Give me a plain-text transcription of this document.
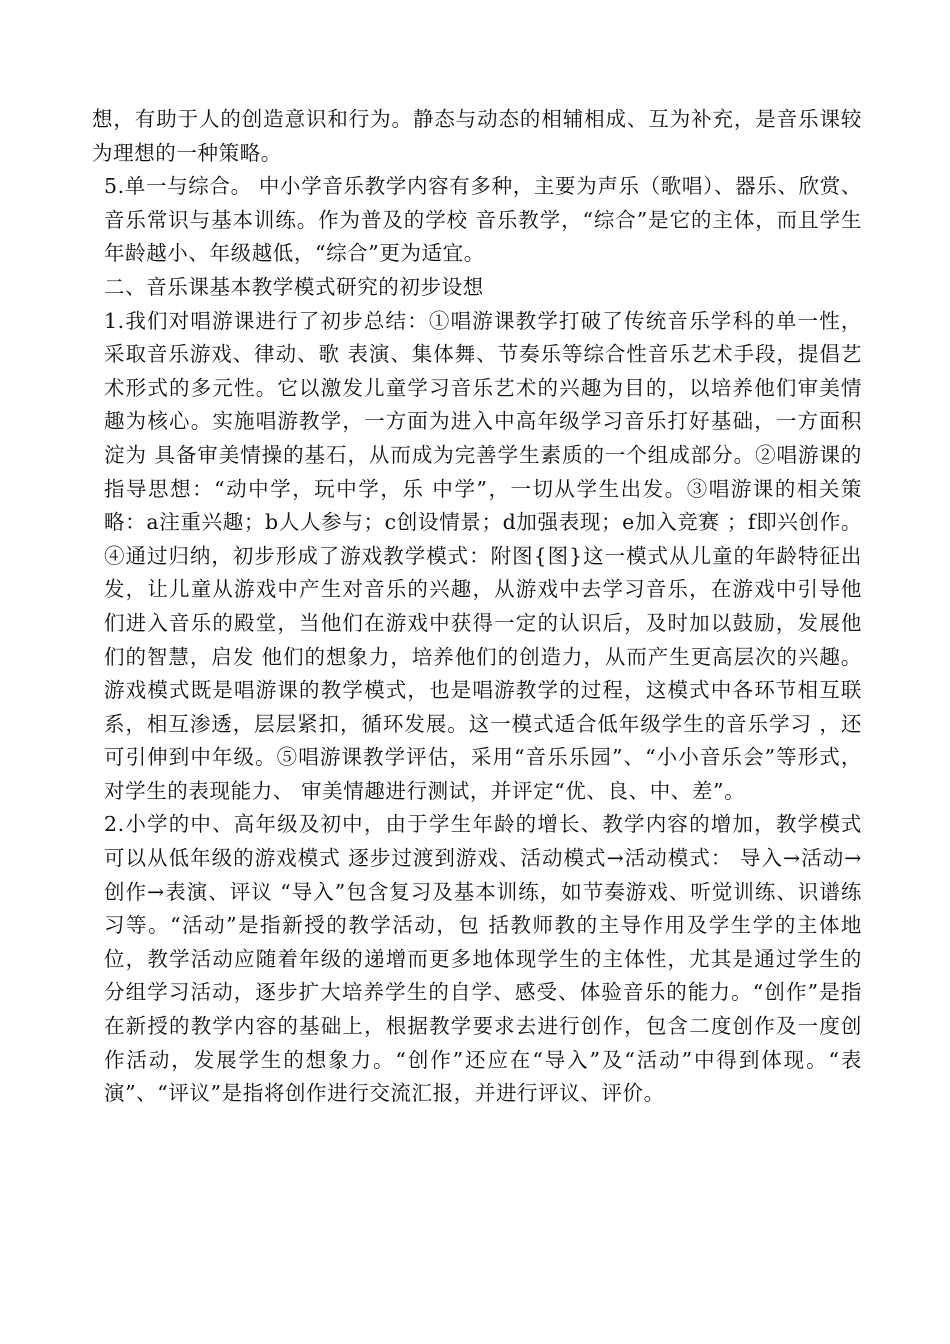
想，有助于人的创造意识和行为。静态与动态的相辅相成、互为补充，是音乐课较为理想的一种策略。

5.单一与综合。 中小学音乐教学内容有多种，主要为声乐（歌唱）、器乐、欣赏、音乐常识与基本训练。作为普及的学校 音乐教学，“综合”是它的主体，而且学生年龄越小、年级越低，“综合”更为适宜。

二、音乐课基本教学模式研究的初步设想

1.我们对唱游课进行了初步总结：①唱游课教学打破了传统音乐学科的单一性，采取音乐游戏、律动、歌 表演、集体舞、节奏乐等综合性音乐艺术手段，提倡艺术形式的多元性。它以激发儿童学习音乐艺术的兴趣为目的，以培养他们审美情趣为核心。实施唱游教学，一方面为进入中高年级学习音乐打好基础，一方面积淀为 具备审美情操的基石，从而成为完善学生素质的一个组成部分。②唱游课的指导思想：“动中学，玩中学，乐 中学”，一切从学生出发。③唱游课的相关策略：a注重兴趣；b人人参与；c创设情景；d加强表现；e加入竞赛 ；f即兴创作。④通过归纳，初步形成了游戏教学模式：附图{图}这一模式从儿童的年龄特征出发，让儿童从游戏中产生对音乐的兴趣，从游戏中去学习音乐，在游戏中引导他们进入音乐的殿堂，当他们在游戏中获得一定的认识后，及时加以鼓励，发展他们的智慧，启发 他们的想象力，培养他们的创造力，从而产生更高层次的兴趣。游戏模式既是唱游课的教学模式，也是唱游教学的过程，这模式中各环节相互联系，相互渗透，层层紧扣，循环发展。这一模式适合低年级学生的音乐学习 ，还可引伸到中年级。⑤唱游课教学评估，采用“音乐乐园”、“小小音乐会”等形式，对学生的表现能力、 审美情趣进行测试，并评定“优、良、中、差”。

2.小学的中、高年级及初中，由于学生年龄的增长、教学内容的增加，教学模式可以从低年级的游戏模式 逐步过渡到游戏、活动模式→活动模式： 导入→活动→创作→表演、评议 “导入”包含复习及基本训练，如节奏游戏、听觉训练、识谱练习等。“活动”是指新授的教学活动，包 括教师教的主导作用及学生学的主体地位，教学活动应随着年级的递增而更多地体现学生的主体性，尤其是通过学生的分组学习活动，逐步扩大培养学生的自学、感受、体验音乐的能力。“创作”是指在新授的教学内容的基础上，根据教学要求去进行创作，包含二度创作及一度创作活动，发展学生的想象力。“创作”还应在“导入”及“活动”中得到体现。“表演”、“评议”是指将创作进行交流汇报，并进行评议、评价。
